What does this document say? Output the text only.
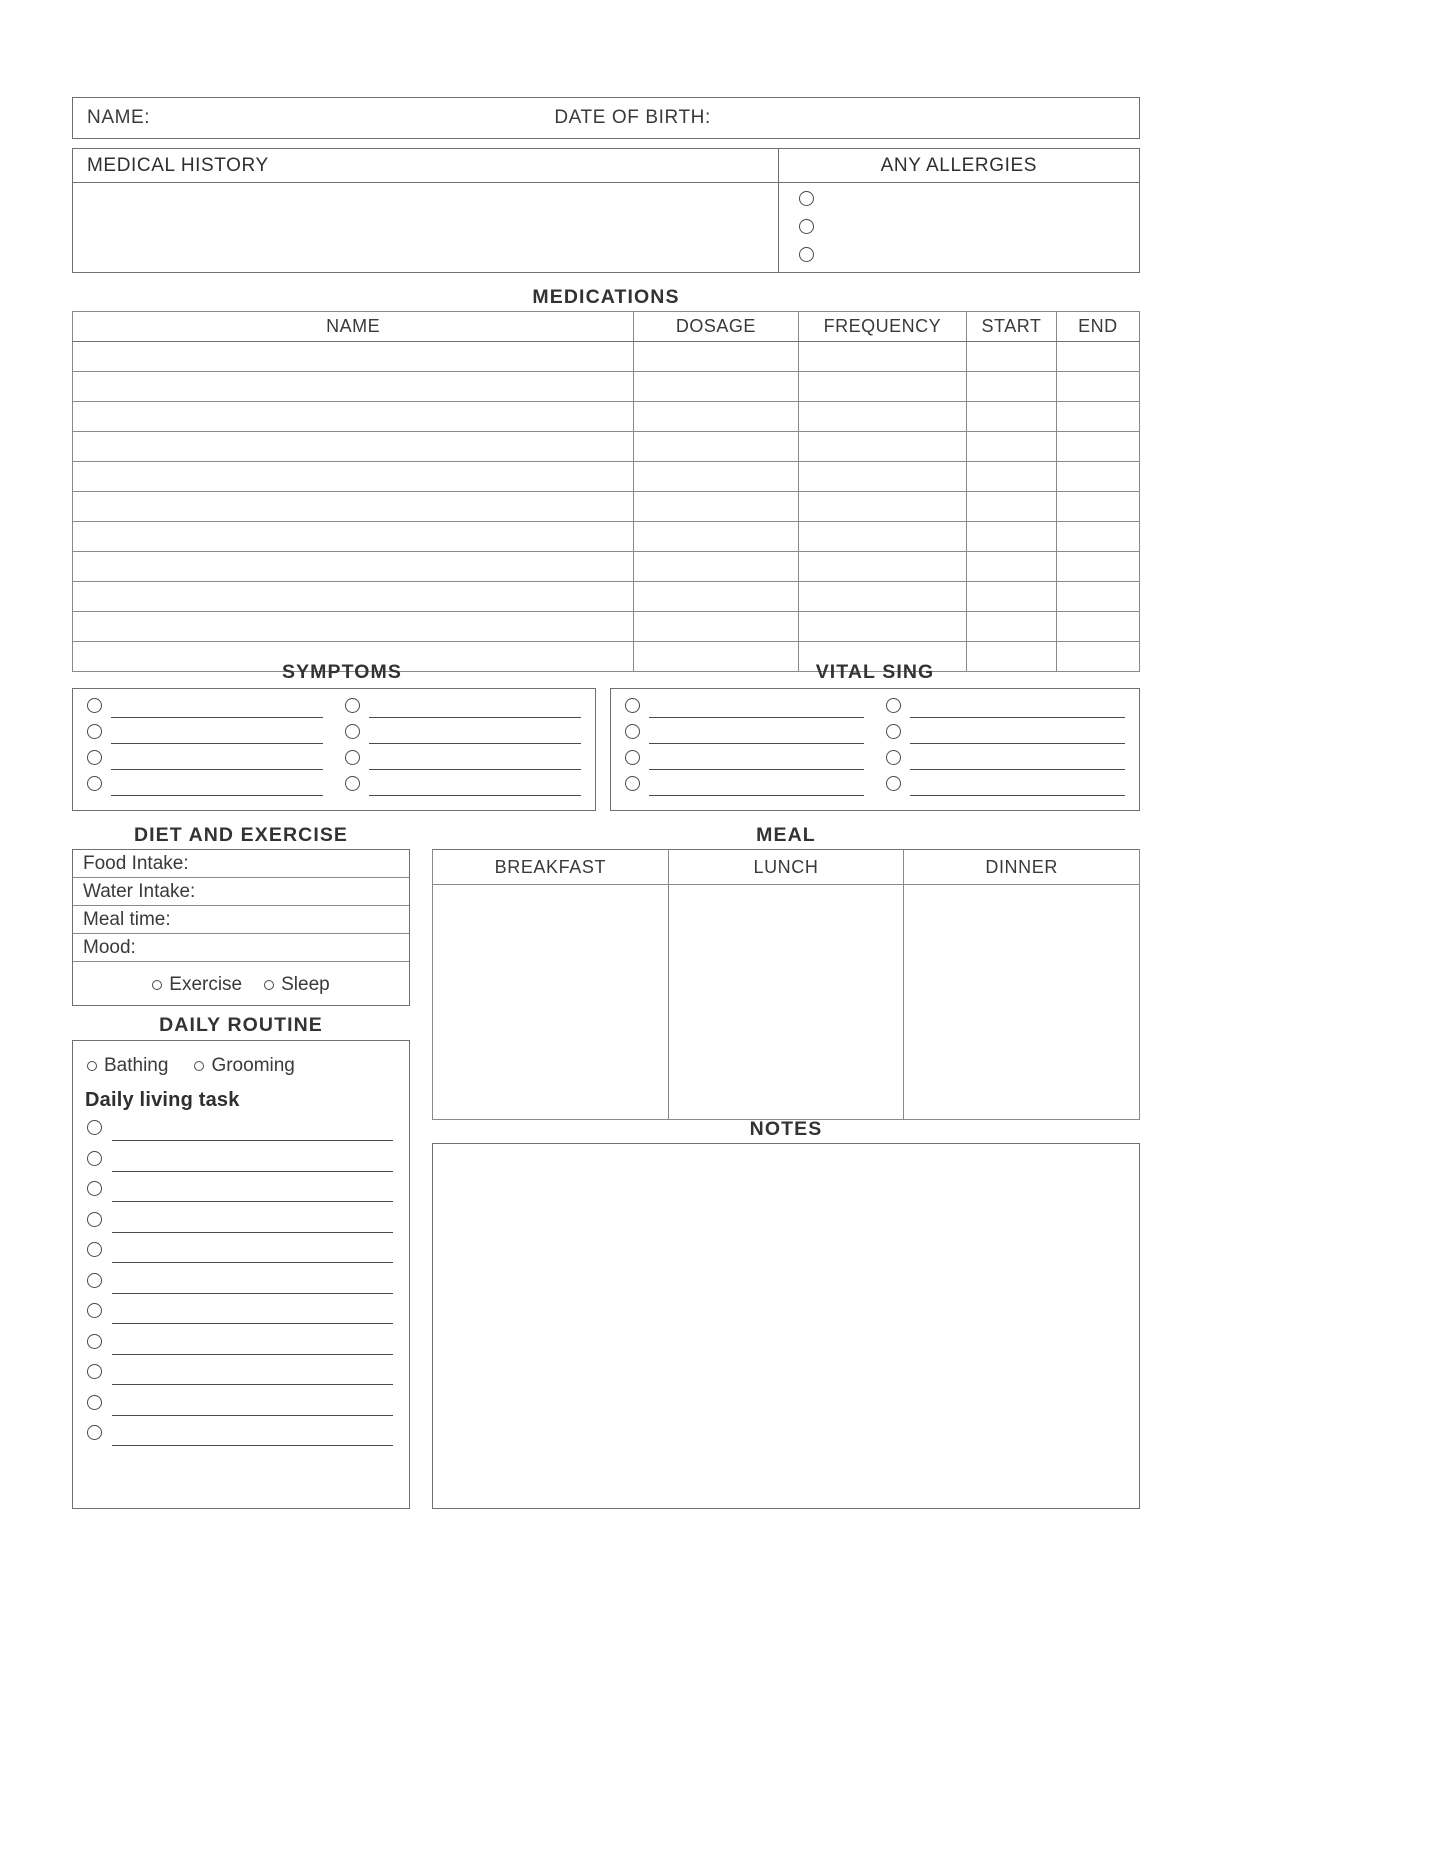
NAME:	DATE OF BIRTH:
MEDICAL HISTORY	ANY ALLERGIES
MEDICATIONS
NAME	DOSAGE	FREQUENCY	START	END

SYMPTOMS	VITAL SING
DIET AND EXERCISE
Food Intake:
Water Intake:
Meal time:
Mood:
Exercise Sleep
MEAL
BREAKFAST	LUNCH	DINNER

DAILY ROUTINE
Bathing Grooming
Daily living task
NOTES
